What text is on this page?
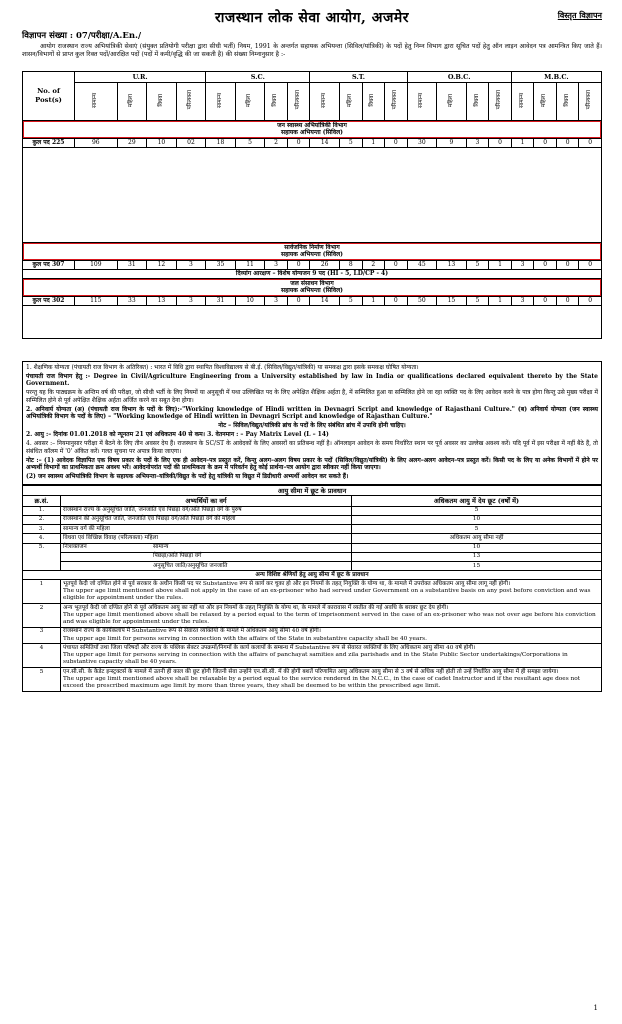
राजस्थान लोक सेवा आयोग, अजमेर	विस्तृत विज्ञापन
विज्ञापन संख्या : 07/परीक्षा/A.En./
आयोग राजस्थान राज्य अभियांत्रिकी सेवाएं (संयुक्त प्रतियोगी परीक्षा द्वारा सीधी भर्ती) नियम, 1991 के अन्तर्गत सहायक अभियन्ता (सिविल/यांत्रिकी) के पदों हेतु निम्न विभाग द्वारा सूचित पदों हेतु ऑन लाइन आवेदन पत्र आमन्त्रित किए जाते हैं। शासन/विभागों से प्राप्त कुल रिक्त पदों/आरक्षित पदों (पदों में कमी/वृद्धि की जा सकती है) की संख्या निम्नानुसार है :-
No. of Post(s)	U.R.				S.C.				S.T.				O.B.C.				M.B.C.			
	सामान्य	महिला	विधवा	परित्यक्ता	सामान्य	महिला	विधवा	परित्यक्ता	सामान्य	महिला	विधवा	परित्यक्ता	सामान्य	महिला	विधवा	परित्यक्ता	सामान्य	महिला	विधवा	परित्यक्ता

जन स्वास्थ्य अभियांत्रिकी विभाग
सहायक अभियन्ता (सिविल)																				

कुल पद 225	96	29	10	02	18	5	2	0	14	5	1	0	30	9	3	0	1	0	0	0

सार्वजनिक निर्माण विभाग
सहायक अभियन्ता (सिविल)																				

कुल पद 307	109	31	12	3	35	11	3	0	26	8	2	0	45	13	5	1	3	0	0	0
दिव्यांग आरक्षण – विशेष योग्यजन 9 पद (HI - 5, LD/CP - 4)																				

जल संसाधन विभाग
सहायक अभियन्ता (सिविल)																				

कुल पद 302	115	33	13	3	31	10	3	0	14	5	1	0	50	15	5	1	3	0	0	0

1. शैक्षणिक योग्यता (पंचायती राज विभाग के अतिरिक्त) : भारत में विधि द्वारा स्थापित विश्वविद्यालय से बी.ई. (सिविल/विद्युत/यांत्रिकी) या समकक्ष द्वारा इसके समकक्ष घोषित योग्यता।

पंचायती राज विभाग हेतु :- Degree in Civil/Agriculture Engineering from a University established by law in India or qualifications declared equivalent thereto by the State Government.

परन्तु यह कि पाठ्यक्रम के अन्तिम वर्ष की परीक्षा, जो सीधी भर्ती के लिए नियमों या अनुसूची में यथा उल्लिखित पद के लिए अपेक्षित शैक्षिक अर्हता है, में सम्मिलित हुआ या सम्मिलित होने जा रहा व्यक्ति पद के लिए आवेदन करने के पात्र होगा किन्तु उसे मुख्य परीक्षा में सम्मिलित होने से पूर्व अपेक्षित शैक्षिक अर्हता अर्जित करने का सबूत देना होगा।

2. अनिवार्य योग्यता (अ) (पंचायती राज विभाग के पदों के लिए):-"Working knowledge of Hindi written in Devnagri Script and knowledge of Rajasthani Culture." (ब) अनिवार्य योग्यता (जन स्वास्थ्य अभियांत्रिकी विभाग के पदों के लिए) – "Working knowledge of Hindi written in Devnagri Script and knowledge of Rajasthan Culture."

नोट – सिविल/विद्युत/यांत्रिकी ब्रांच के पदों के लिए संबंधित ब्रांच में उपाधि होनी चाहिए।

2. आयु :– दिनांक 01.01.2018 को न्यूनतम 21 एवं अधिकतम 40 से कम। 3. वेतनमान : – Pay Matrix Level (L – 14)

4. अवसर :– नियमानुसार परीक्षा में बैठने के लिए तीन अवसर देय हैं। राजस्थान के SC/ST के आवेदकों के लिए अवसरों का प्रतिबन्ध नहीं है। ऑनलाइन आवेदन के समय निर्धारित स्थान पर पूर्व अवसर का उल्लेख अवश्य करें। यदि पूर्व में इस परीक्षा में नहीं बैठे हैं, तो संबंधित कॉलम में '0' अंकित करें। गलत सूचना पर अपात्र किया जाएगा।

नोट :– (1) आवेदक विज्ञापित एक विषय प्रकार के पदों के लिए एक ही आवेदन–पत्र प्रस्तुत करें, किन्तु अलग–अलग विषय प्रकार के पदों (सिविल/विद्युत/यांत्रिकी) के लिए अलग–अलग आवेदन–पत्र प्रस्तुत करें। किसी पद के लिए या अनेक विभागों में होने पर अभ्यर्थी विभागों का प्राथमिकता क्रम अवश्य भरें। आवेदनोपरांत पदों की प्राथमिकता के क्रम में परिवर्तन हेतु कोई प्रार्थना–पत्र आयोग द्वारा स्वीकार नहीं किया जाएगा।

(2) जन स्वास्थ्य अभियांत्रिकी विभाग के सहायक अभियन्ता–यांत्रिकी/विद्युत के पदों हेतु यांत्रिकी या विद्युत में डिग्रीधारी अभ्यर्थी आवेदन कर सकते हैं।

आयु सीमा में छूट के प्रावधान		
क्र.सं.	अभ्यर्थियों का वर्ग	अधिकतम आयु में देय छूट (वर्षों में)
1.	राजस्थान राज्य के अनुसूचित जाति, जनजाति एवं पिछड़ा वर्ग/अति पिछड़ा वर्ग के पुरुष	5
2.	राजस्थान की अनुसूचित जाति, जनजाति एवं पिछड़ा वर्ग/अति पिछड़ा वर्ग की महिला	10
3.	सामान्य वर्ग की महिला	5
4.	विधवा एवं विच्छिन्न विवाह (परित्यक्ता) महिला	अधिकतम आयु सीमा नहीं
5.	निःशक्तजन सामान्य	10
	पिछड़ा/अति पिछड़ा वर्ग	13
	अनुसूचित जाति/अनुसूचित जनजाति	15
अन्य विशिष्ट श्रेणियों हेतु आयु सीमा में छूट के प्रावधान		
1	भूतपूर्व कैदी जो दण्डित होने से पूर्व सरकार के अधीन किसी पद पर Substantive रूप से कार्य कर चुका हो और इन नियमों के तहत् नियुक्ति के योग्य था, के मामले में उपरोक्त अधिकतम आयु सीमा लागू नहीं होगी।
The upper age limit mentioned above shall not apply in the case of an ex-prisoner who had served under Government on a substantive basis on any post before conviction and was eligible for appointment under the rules.	

2	अन्य भूतपूर्व कैदी जो दण्डित होने से पूर्व अधिकतम आयु का नहीं था और इन नियमों के तहत् नियुक्ति के योग्य था, के मामले में कारावास में व्यतीत की गई अवधि के बराबर छूट देय होगी।
The upper age limit mentioned above shall be relaxed by a period equal to the term of imprisonment served in the case of an ex-prisoner who was not over age before his conviction and was eligible for appointment under the rules.	

3	राजस्थान राज्य के कार्यकलाप में Substantive रूप से सेवारत व्यक्तियों के मामले में अधिकतम आयु सीमा 40 वर्ष होगी।
The upper age limit for persons serving in connection with the affairs of the State in substantive capacity shall be 40 years.	

4	पंचायत समितियों तथा जिला परिषदों और राज्य के पब्लिक सेक्टर उपक्रमों/निगमों के कार्य कलापों के सम्बन्ध में Substantive रूप से सेवारत व्यक्तियों के लिए अधिकतम आयु सीमा 40 वर्ष होगी।
The upper age limit for persons serving in connection with the affairs of panchayat samities and zila parishads and in the State Public Sector undertakings/Corporations in substantive capacity shall be 40 years.	

5	एन.सी.सी. के कैडेट इन्स्ट्रक्टर्स के मामले में उतनी ही काल की छूट होगी जितनी सेवा उन्होंने एन.सी.सी. में की होगी बशर्ते परिणामित आयु अधिकतम आयु सीमा से 3 वर्ष से अधिक नहीं होती तो उन्हें निर्धारित आयु सीमा में ही समझा जायेगा।
The upper age limit mentioned above shall be relaxable by a period equal to the service rendered in the N.C.C., in the case of cadet Instructor and if the resultant age does not exceed the prescribed maximum age limit by more than three years, they shall be deemed to be within the prescribed age limit.	
1
